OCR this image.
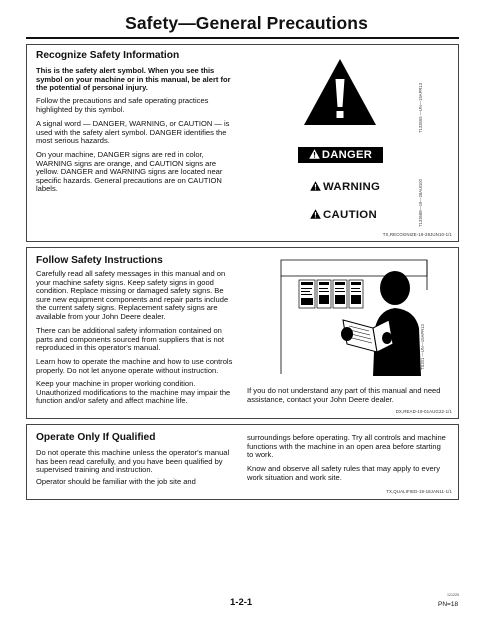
Safety—General Precautions
Recognize Safety Information
This is the safety alert symbol. When you see this
symbol on your machine or in this manual, be alert for
the potential of personal injury.
Follow the precautions and safe operating practices
highlighted by this symbol.
A signal word — DANGER, WARNING, or CAUTION — is
used with the safety alert symbol. DANGER identifies the
most serious hazards.
On your machine, DANGER signs are red in color,
WARNING signs are orange, and CAUTION signs are
yellow. DANGER and WARNING signs are located near
specific hazards. General precautions are on CAUTION
labels.
T133555 —UN—15APR13
DANGER
WARNING
CAUTION	T133588—19—28AUG00
TX,RECOGNIZE-19-28JUN10-1/1
Follow Safety Instructions
Carefully read all safety messages in this manual and on
your machine safety signs. Keep safety signs in good
condition. Replace missing or damaged safety signs. Be
sure new equipment components and repair parts include
the current safety signs. Replacement safety signs are
available from your John Deere dealer.
There can be additional safety information contained on
parts and components sourced from suppliers that is not
reproduced in this operator's manual.
Learn how to operate the machine and how to use controls
properly. Do not let anyone operate without instruction.
Keep your machine in proper working condition.
Unauthorized modifications to the machine may impair the
function and/or safety and affect machine life.
TS201 —UN—15APR13
If you do not understand any part of this manual and need
assistance, contact your John Deere dealer.
DX,READ-19-01AUG22-1/1
Operate Only If Qualified
Do not operate this machine unless the operator's manual
has been read carefully, and you have been qualified by
supervised training and instruction.
Operator should be familiar with the job site and
surroundings before operating. Try all controls and machine
functions with the machine in an open area before starting
to work.
Know and observe all safety rules that may apply to every
work situation and work site.
TX,QUALIFIED-19-18JAN11-1/1
1-2-1
121225
PN=18
